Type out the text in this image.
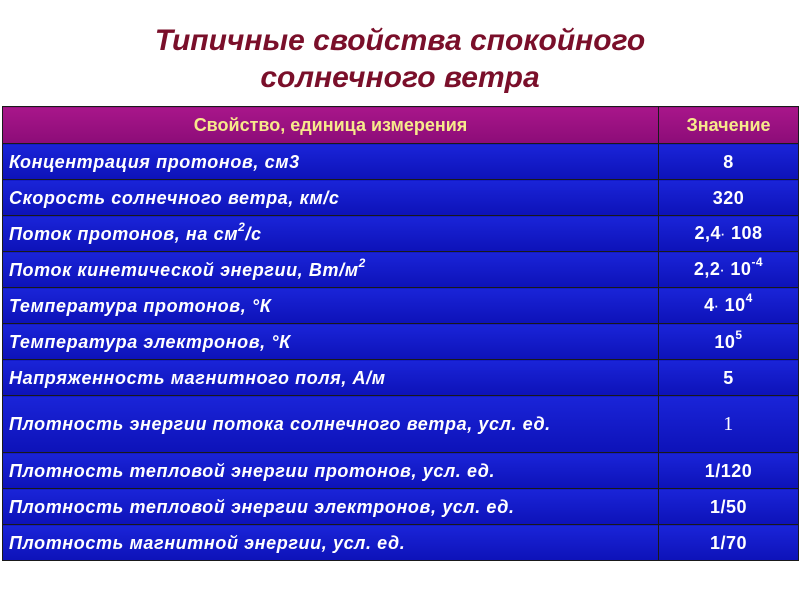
Типичные свойства спокойного
солнечного ветра
Свойство, единица измерения	Значение
Концентрация протонов, см3	8
Скорость солнечного ветра, км/с	320
Поток протонов, на $см^2/с$	2,4· 108
Поток кинетической энергии, $Вт/м^2$	$2,2\cdot 10^{-4}$
Температура протонов, °К	$4\cdot 10^4$
Температура электронов, °К	$10^5$
Напряженность магнитного поля, А/м	5
Плотность энергии потока солнечного ветра, усл. ед.	1
Плотность тепловой энергии протонов, усл. ед.	1/120
Плотность тепловой энергии электронов, усл. ед.	1/50
Плотность магнитной энергии, усл. ед.	1/70
